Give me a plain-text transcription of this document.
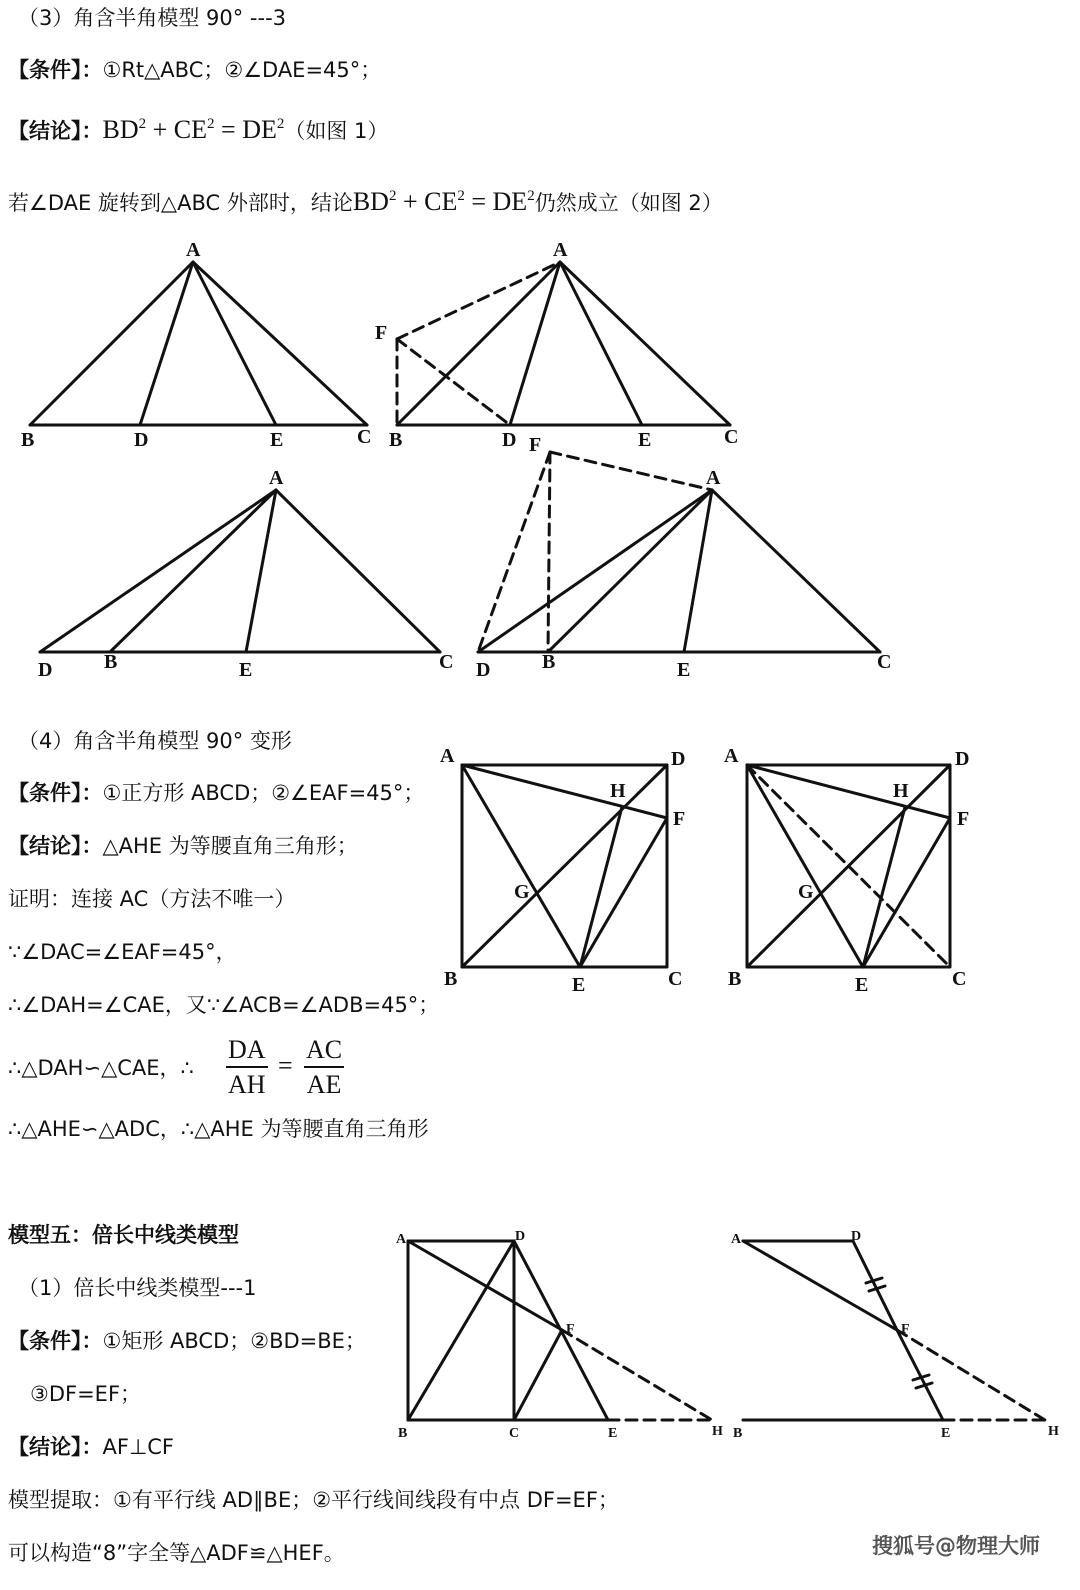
（3）角含半角模型 90° ---3
【条件】：①Rt△ABC；②∠DAE=45°；
【结论】：$BD^2 + CE^2 = DE^2$（如图 1）
若∠DAE 旋转到△ABC 外部时，结论$BD^2 + CE^2 = DE^2$仍然成立（如图 2）
（4）角含半角模型 90° 变形
【条件】：①正方形 ABCD；②∠EAF=45°；
【结论】：△AHE 为等腰直角三角形；
证明：连接 AC（方法不唯一）
∵∠DAC=∠EAF=45°，
∴∠DAH=∠CAE，又∵∠ACB=∠ADB=45°；
∴△DAH∽△CAE，∴ $\frac{DA}{AH} = \frac{AC}{AE}$
∴△AHE∽△ADC，∴△AHE 为等腰直角三角形
模型五：倍长中线类模型
（1）倍长中线类模型---1
【条件】：①矩形 ABCD；②BD=BE；
③DF=EF；
【结论】：AF⊥CF
模型提取：①有平行线 AD∥BE；②平行线间线段有中点 DF=EF；
可以构造“8”字全等△ADF≌△HEF。	搜狐号@物理大师
A
B	D	E	C
A
F
B	D	E	C
A
D	B	E	C
F
A
D	B	E	C
A	D
H
F
G
B	E	C
A	D
H
F
G
B	E	C
A	D
F
B	C	E	H
A	D
F
B	E	H
